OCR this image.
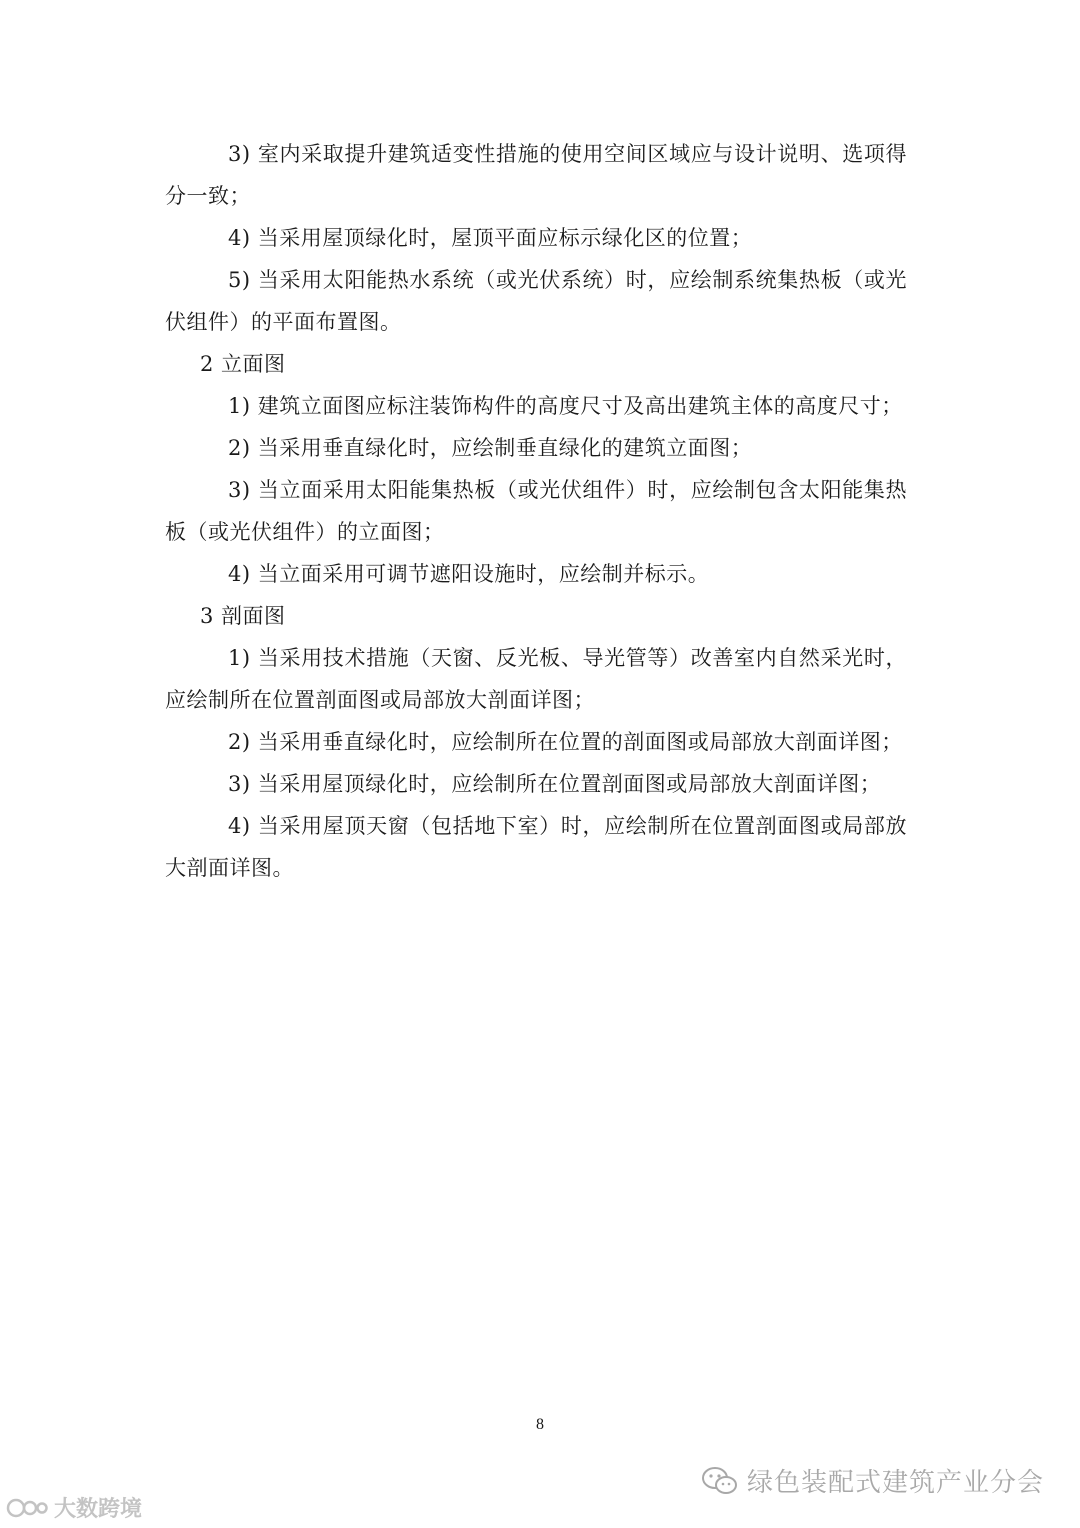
3) 室内采取提升建筑适变性措施的使用空间区域应与设计说明、选项得分一致；

4) 当采用屋顶绿化时，屋顶平面应标示绿化区的位置；

5) 当采用太阳能热水系统（或光伏系统）时，应绘制系统集热板（或光伏组件）的平面布置图。

2 立面图

1) 建筑立面图应标注装饰构件的高度尺寸及高出建筑主体的高度尺寸；

2) 当采用垂直绿化时，应绘制垂直绿化的建筑立面图；

3) 当立面采用太阳能集热板（或光伏组件）时，应绘制包含太阳能集热板（或光伏组件）的立面图；

4) 当立面采用可调节遮阳设施时，应绘制并标示。

3 剖面图

1) 当采用技术措施（天窗、反光板、导光管等）改善室内自然采光时，应绘制所在位置剖面图或局部放大剖面详图；

2) 当采用垂直绿化时，应绘制所在位置的剖面图或局部放大剖面详图；

3) 当采用屋顶绿化时，应绘制所在位置剖面图或局部放大剖面详图；

4) 当采用屋顶天窗（包括地下室）时，应绘制所在位置剖面图或局部放大剖面详图。

8
绿色装配式建筑产业分会
大数跨境
